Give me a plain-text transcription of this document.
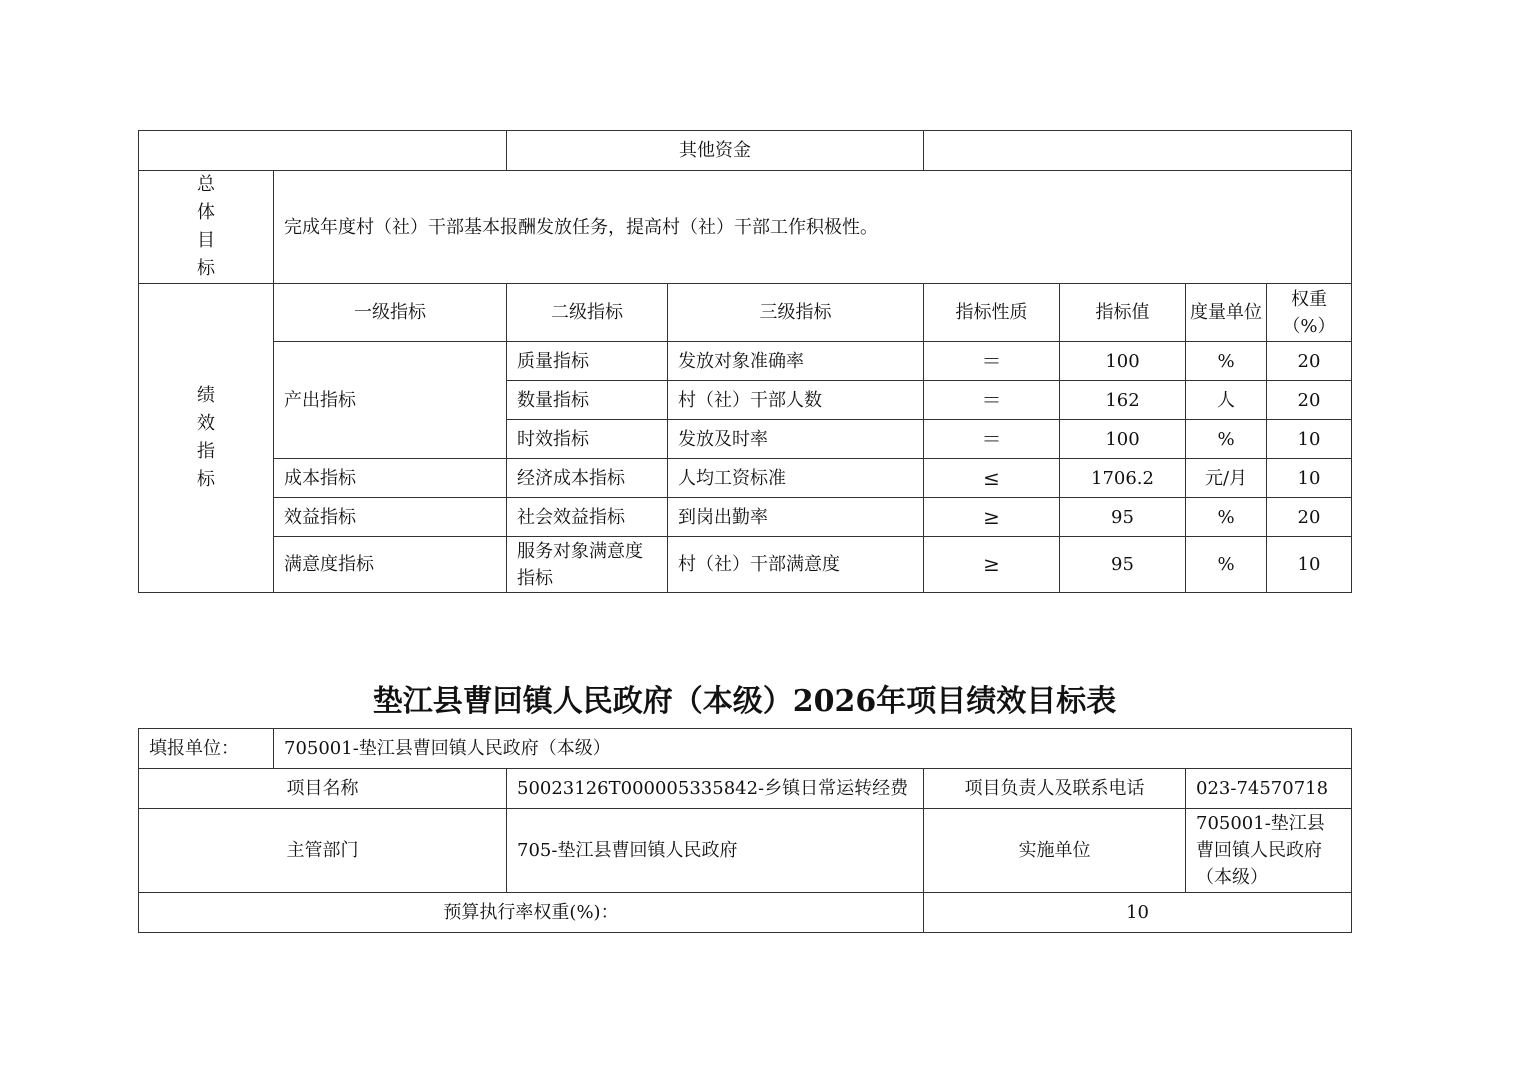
		其他资金					

总
体
目
标	完成年度村（社）干部基本报酬发放任务，提高村（社）干部工作积极性。						

绩
效
指
标	一级指标	二级指标	三级指标	指标性质	指标值	度量单位	权重（%）
	产出指标	质量指标	发放对象准确率	＝	100	%	20
		数量指标	村（社）干部人数	＝	162	人	20
		时效指标	发放及时率	＝	100	%	10
	成本指标	经济成本指标	人均工资标准	≤	1706.2	元/月	10
	效益指标	社会效益指标	到岗出勤率	≥	95	%	20
	满意度指标	服务对象满意度指标	村（社）干部满意度	≥	95	%	10
垫江县曹回镇人民政府（本级）2026年项目绩效目标表
填报单位：	705001-垫江县曹回镇人民政府（本级）			
项目名称		50023126T000005335842-乡镇日常运转经费	项目负责人及联系电话	023-74570718
主管部门		705-垫江县曹回镇人民政府	实施单位	705001-垫江县曹回镇人民政府（本级）
预算执行率权重(%)：			10	
